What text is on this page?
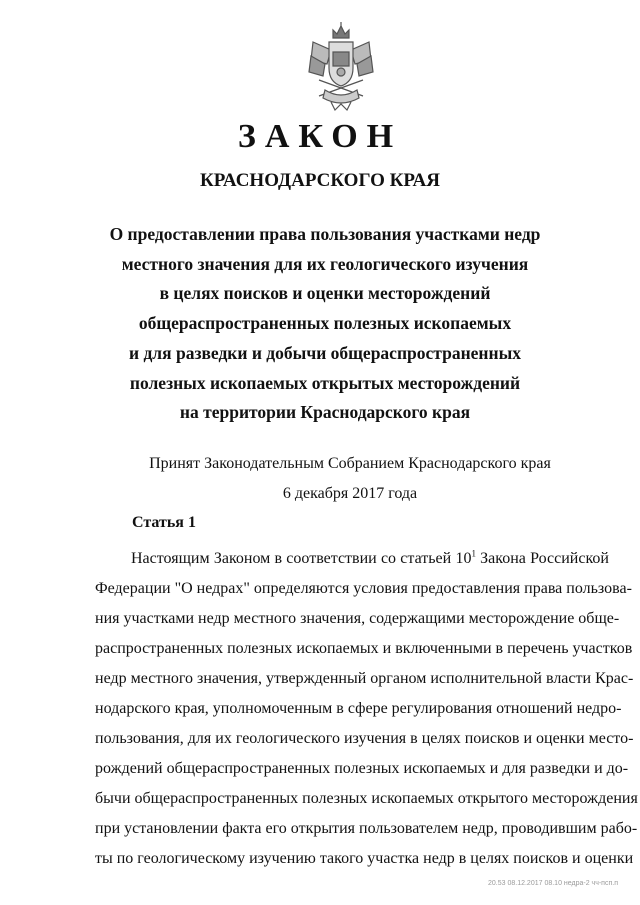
ЗАКОН
КРАСНОДАРСКОГО КРАЯ
О предоставлении права пользования участками недр
местного значения для их геологического изучения
в целях поисков и оценки месторождений
общераспространенных полезных ископаемых
и для разведки и добычи общераспространенных
полезных ископаемых открытых месторождений
на территории Краснодарского края
Принят Законодательным Собранием Краснодарского края
6 декабря 2017 года
Статья 1
Настоящим Законом в соответствии со статьей $10^1$ Закона Российской
Федерации "О недрах" определяются условия предоставления права пользова-
ния участками недр местного значения, содержащими месторождение обще-
распространенных полезных ископаемых и включенными в перечень участков
недр местного значения, утвержденный органом исполнительной власти Крас-
нодарского края, уполномоченным в сфере регулирования отношений недро-
пользования, для их геологического изучения в целях поисков и оценки место-
рождений общераспространенных полезных ископаемых и для разведки и до-
бычи общераспространенных полезных ископаемых открытого месторождения
при установлении факта его открытия пользователем недр, проводившим рабо-
ты по геологическому изучению такого участка недр в целях поисков и оценки
20.53 08.12.2017 08.10 недра-2 чч-псп.п
